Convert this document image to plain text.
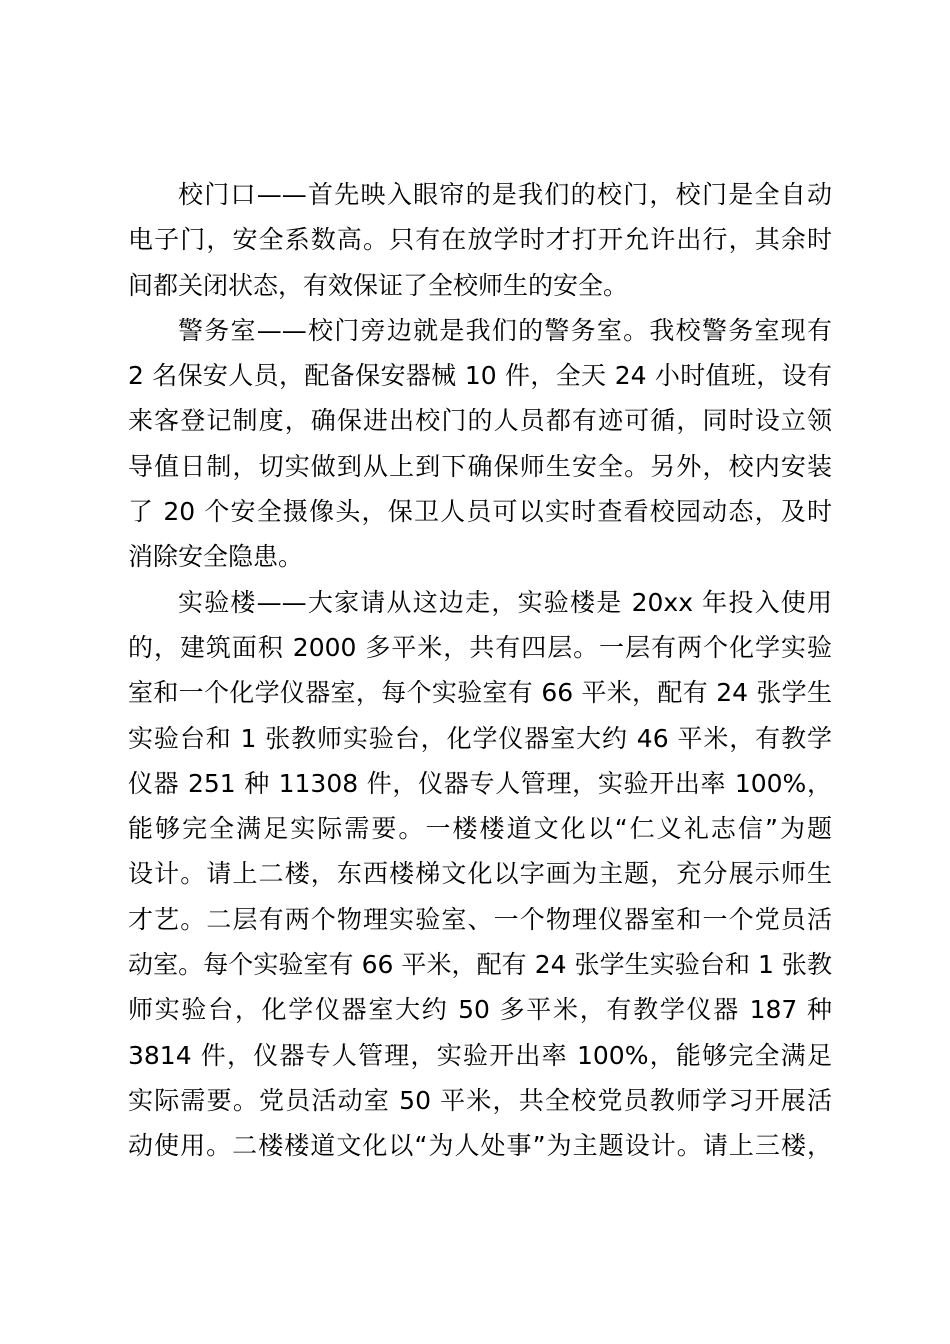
校门口——首先映入眼帘的是我们的校门，校门是全自动
电子门，安全系数高。只有在放学时才打开允许出行，其余时
间都关闭状态，有效保证了全校师生的安全。
警务室——校门旁边就是我们的警务室。我校警务室现有
2 名保安人员，配备保安器械 10 件，全天 24 小时值班，设有
来客登记制度，确保进出校门的人员都有迹可循，同时设立领
导值日制，切实做到从上到下确保师生安全。另外，校内安装
了 20 个安全摄像头，保卫人员可以实时查看校园动态，及时
消除安全隐患。
实验楼——大家请从这边走，实验楼是 20xx 年投入使用
的，建筑面积 2000 多平米，共有四层。一层有两个化学实验
室和一个化学仪器室，每个实验室有 66 平米，配有 24 张学生
实验台和 1 张教师实验台，化学仪器室大约 46 平米，有教学
仪器 251 种 11308 件，仪器专人管理，实验开出率 100%，
能够完全满足实际需要。一楼楼道文化以“仁义礼志信”为题
设计。请上二楼，东西楼梯文化以字画为主题，充分展示师生
才艺。二层有两个物理实验室、一个物理仪器室和一个党员活
动室。每个实验室有 66 平米，配有 24 张学生实验台和 1 张教
师实验台，化学仪器室大约 50 多平米，有教学仪器 187 种
3814 件，仪器专人管理，实验开出率 100%，能够完全满足
实际需要。党员活动室 50 平米，共全校党员教师学习开展活
动使用。二楼楼道文化以“为人处事”为主题设计。请上三楼，
